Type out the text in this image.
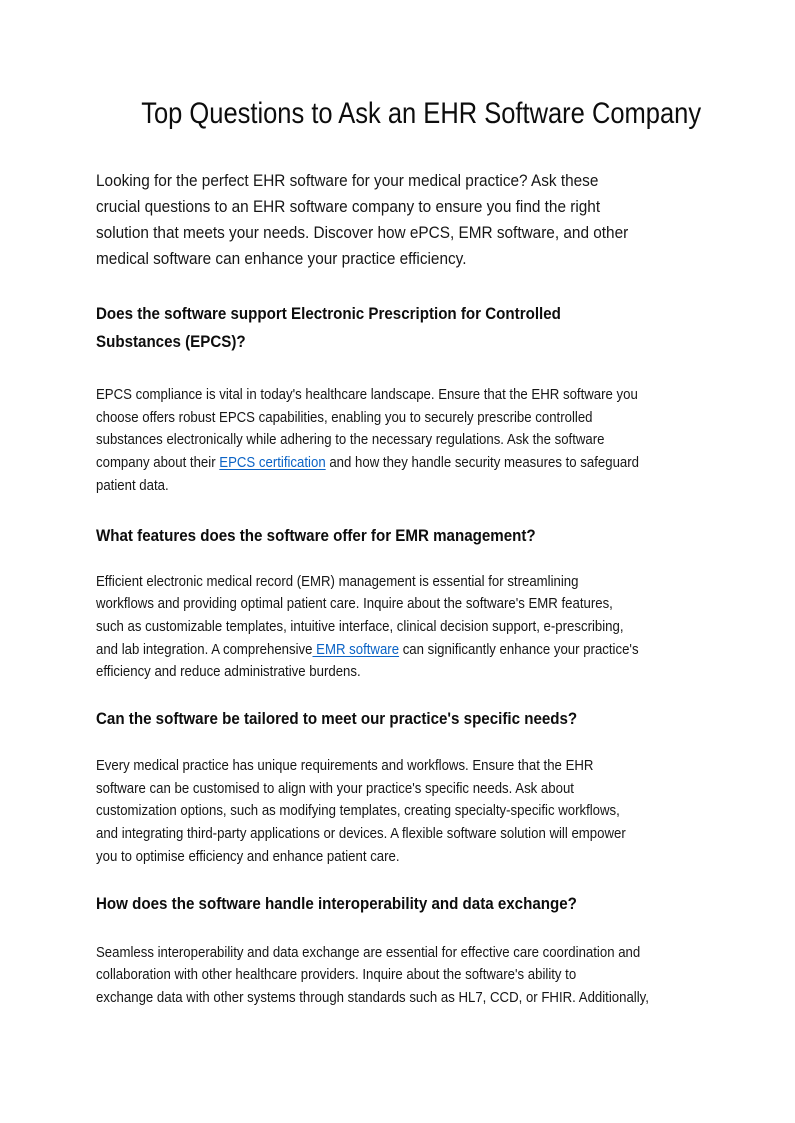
Top Questions to Ask an EHR Software Company

Looking for the perfect EHR software for your medical practice? Ask these
crucial questions to an EHR software company to ensure you find the right
solution that meets your needs. Discover how ePCS, EMR software, and other
medical software can enhance your practice efficiency.

Does the software support Electronic Prescription for Controlled
Substances (EPCS)?

EPCS compliance is vital in today's healthcare landscape. Ensure that the EHR software you
choose offers robust EPCS capabilities, enabling you to securely prescribe controlled
substances electronically while adhering to the necessary regulations. Ask the software
company about their EPCS certification and how they handle security measures to safeguard
patient data.

What features does the software offer for EMR management?

Efficient electronic medical record (EMR) management is essential for streamlining
workflows and providing optimal patient care. Inquire about the software's EMR features,
such as customizable templates, intuitive interface, clinical decision support, e-prescribing,
and lab integration. A comprehensive EMR software can significantly enhance your practice's
efficiency and reduce administrative burdens.

Can the software be tailored to meet our practice's specific needs?

Every medical practice has unique requirements and workflows. Ensure that the EHR
software can be customised to align with your practice's specific needs. Ask about
customization options, such as modifying templates, creating specialty-specific workflows,
and integrating third-party applications or devices. A flexible software solution will empower
you to optimise efficiency and enhance patient care.

How does the software handle interoperability and data exchange?

Seamless interoperability and data exchange are essential for effective care coordination and
collaboration with other healthcare providers. Inquire about the software's ability to
exchange data with other systems through standards such as HL7, CCD, or FHIR. Additionally,
